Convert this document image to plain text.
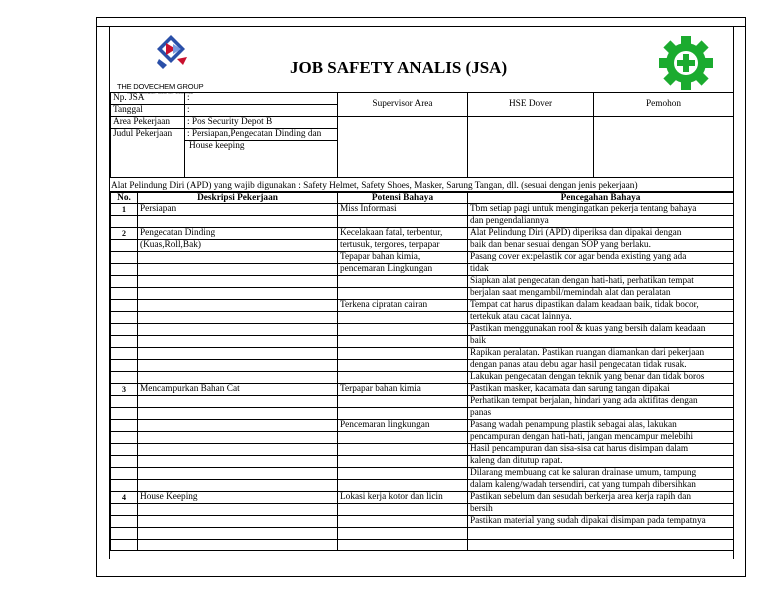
THE DOVECHEM GROUP
CHINA · INDONESIA · MALAYSIA · SINGAPORE
JOB SAFETY ANALIS (JSA)
Np. JSA	:	Supervisor Area	HSE Dover	Pemohon
Tanggal	:			
Area Pekerjaan	: Pos Security Depot B			
Judul Pekerjaan	: Persiapan,Pengecatan Dinding dan			
	House keeping			
Alat Pelindung Diri (APD) yang wajib digunakan : Safety Helmet, Safety Shoes, Masker, Sarung Tangan, dll. (sesuai dengan jenis pekerjaan)
No.	Deskripsi Pekerjaan	Potensi Bahaya	Pencegahan Bahaya
1	Persiapan	Miss Informasi	Tbm setiap pagi untuk mengingatkan pekerja tentang bahaya
			dan pengendaliannya
2	Pengecatan Dinding	Kecelakaan fatal, terbentur,	Alat Pelindung Diri (APD) diperiksa dan dipakai dengan
	(Kuas,Roll,Bak)	tertusuk, tergores, terpapar	baik dan benar sesuai dengan SOP yang berlaku.
		Tepapar bahan kimia,	Pasang cover ex:pelastik cor agar benda existing yang ada
		pencemaran Lingkungan	tidak
			Siapkan alat pengecatan dengan hati-hati, perhatikan tempat
			berjalan saat mengambil/memindah alat dan peralatan
		Terkena cipratan cairan	Tempat cat harus dipastikan dalam keadaan baik, tidak bocor,
			tertekuk atau cacat lainnya.
			Pastikan menggunakan rool & kuas yang bersih dalam keadaan
			baik
			Rapikan peralatan. Pastikan ruangan diamankan dari pekerjaan
			dengan panas atau debu agar hasil pengecatan tidak rusak.
			Lakukan pengecatan dengan teknik yang benar dan tidak boros
3	Mencampurkan Bahan Cat	Terpapar bahan kimia	Pastikan masker, kacamata dan sarung tangan dipakai
			Perhatikan tempat berjalan, hindari yang ada aktifitas dengan
			panas
		Pencemaran lingkungan	Pasang wadah penampung plastik sebagai alas, lakukan
			pencampuran dengan hati-hati, jangan mencampur melebihi
			Hasil pencampuran dan sisa-sisa cat harus disimpan dalam
			kaleng dan ditutup rapat.
			Dilarang membuang cat ke saluran drainase umum, tampung
			dalam kaleng/wadah tersendiri, cat yang tumpah dibersihkan
4	House Keeping	Lokasi kerja kotor dan licin	Pastikan sebelum dan sesudah berkerja area kerja rapih dan
			bersih
			Pastikan material yang sudah dipakai disimpan pada tempatnya
